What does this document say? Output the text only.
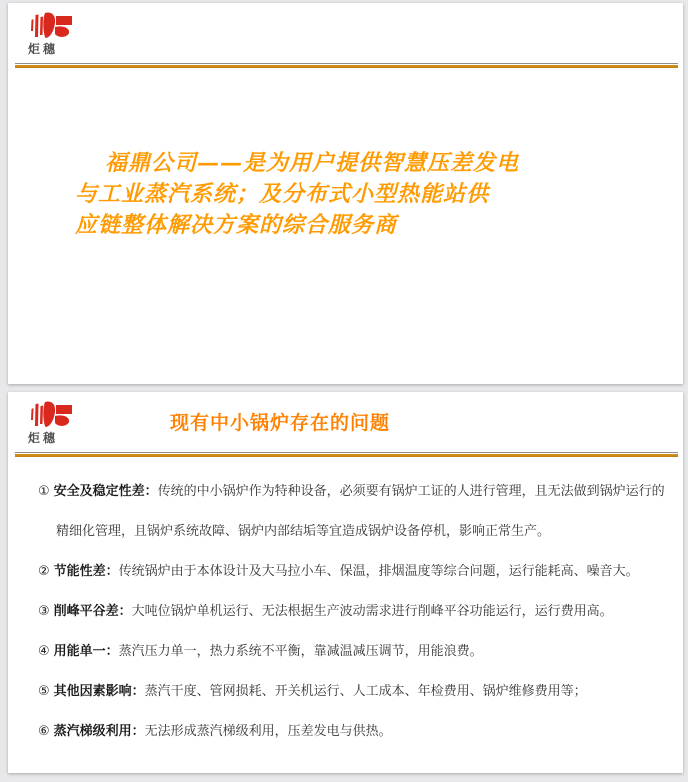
炬穗
福鼎公司——是为用户提供智慧压差发电
与工业蒸汽系统；及分布式小型热能站供
应链整体解决方案的综合服务商
炬穗
现有中小锅炉存在的问题
① 安全及稳定性差：传统的中小锅炉作为特种设备，必须要有锅炉工证的人进行管理，且无法做到锅炉运行的精细化管理，且锅炉系统故障、锅炉内部结垢等宜造成锅炉设备停机，影响正常生产。
② 节能性差：传统锅炉由于本体设计及大马拉小车、保温，排烟温度等综合问题，运行能耗高、噪音大。
③ 削峰平谷差：大吨位锅炉单机运行、无法根据生产波动需求进行削峰平谷功能运行，运行费用高。
④ 用能单一：蒸汽压力单一，热力系统不平衡，靠减温减压调节，用能浪费。
⑤ 其他因素影响：蒸汽干度、管网损耗、开关机运行、人工成本、年检费用、锅炉维修费用等；
⑥ 蒸汽梯级利用：无法形成蒸汽梯级利用，压差发电与供热。
